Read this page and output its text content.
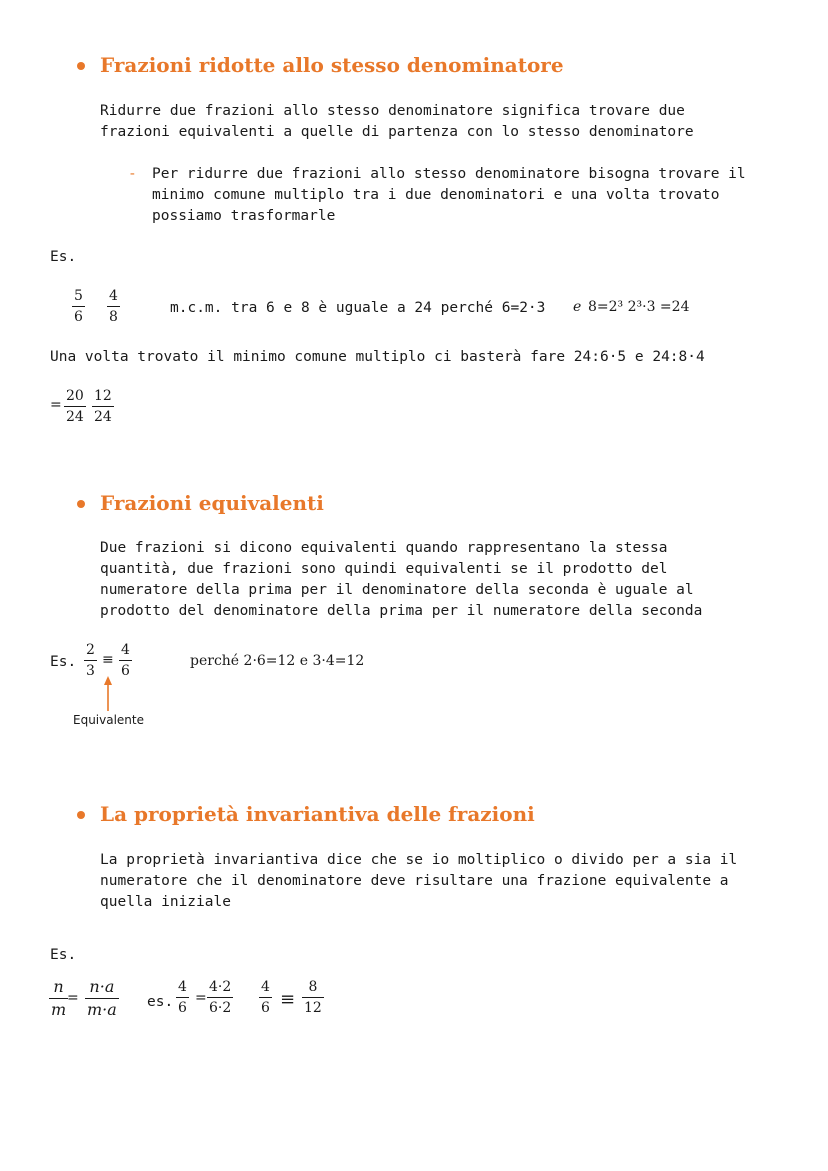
Frazioni ridotte allo stesso denominatore
Ridurre due frazioni allo stesso denominatore significa trovare due
frazioni equivalenti a quelle di partenza con lo stesso denominatore
- Per ridurre due frazioni allo stesso denominatore bisogna trovare il
minimo comune multiplo tra i due denominatori e una volta trovato
possiamo trasformarle
Es.
5
6
4
8
m.c.m. tra 6 e 8 è uguale a 24 perché 6=2·3 e 8=2³ 2³·3 =24
Una volta trovato il minimo comune multiplo ci basterà fare 24:6·5 e 24:8·4
=
20
24
12
24
Frazioni equivalenti
Due frazioni si dicono equivalenti quando rappresentano la stessa
quantità, due frazioni sono quindi equivalenti se il prodotto del
numeratore della prima per il denominatore della seconda è uguale al
prodotto del denominatore della prima per il numeratore della seconda
Es.
2
3
≡
4
6
perché 2·6=12 e 3·4=12
Equivalente
La proprietà invariantiva delle frazioni
La proprietà invariantiva dice che se io moltiplico o divido per a sia il
numeratore che il denominatore deve risultare una frazione equivalente a
quella iniziale
Es.
n
m
=
n·a
m·a es.
4
6
=
4·2
6·2
4
6 ≡
8
12
